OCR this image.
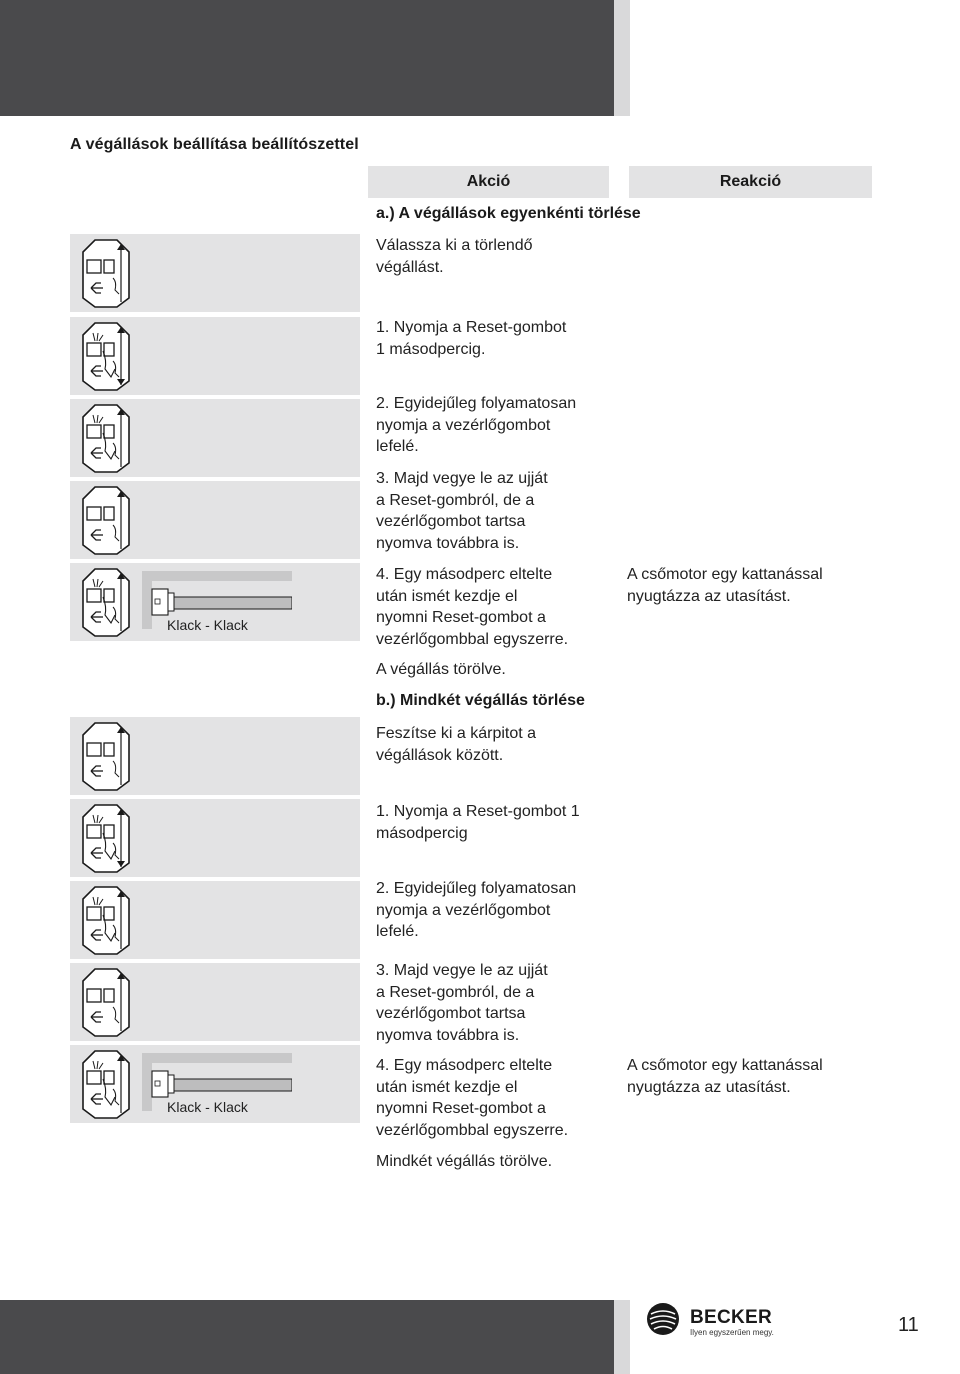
A végállások beállítása beállítószettel
Akció	Reakció
a.) A végállások egyenkénti törlése
Klack - Klack
Válassza ki a törlendő
végállást.
1. Nyomja a Reset-gombot
1 másodpercig.
2. Egyidejűleg folyamatosan
nyomja a vezérlőgombot
lefelé.
3. Majd vegye le az ujját
a Reset-gombról, de a
vezérlőgombot tartsa
nyomva továbbra is.
4. Egy másodperc eltelte
után ismét kezdje el
nyomni Reset-gombot a
vezérlőgombbal egyszerre.
A végállás törölve.
A csőmotor egy kattanással
nyugtázza az utasítást.
b.) Mindkét végállás törlése
Klack - Klack
Feszítse ki a kárpitot a
végállások között.
1. Nyomja a Reset-gombot 1
másodpercig
2. Egyidejűleg folyamatosan
nyomja a vezérlőgombot
lefelé.
3. Majd vegye le az ujját
a Reset-gombról, de a
vezérlőgombot tartsa
nyomva továbbra is.
4. Egy másodperc eltelte
után ismét kezdje el
nyomni Reset-gombot a
vezérlőgombbal egyszerre.
Mindkét végállás törölve.
A csőmotor egy kattanással
nyugtázza az utasítást.
BECKER
Ilyen egyszerűen megy.	11
